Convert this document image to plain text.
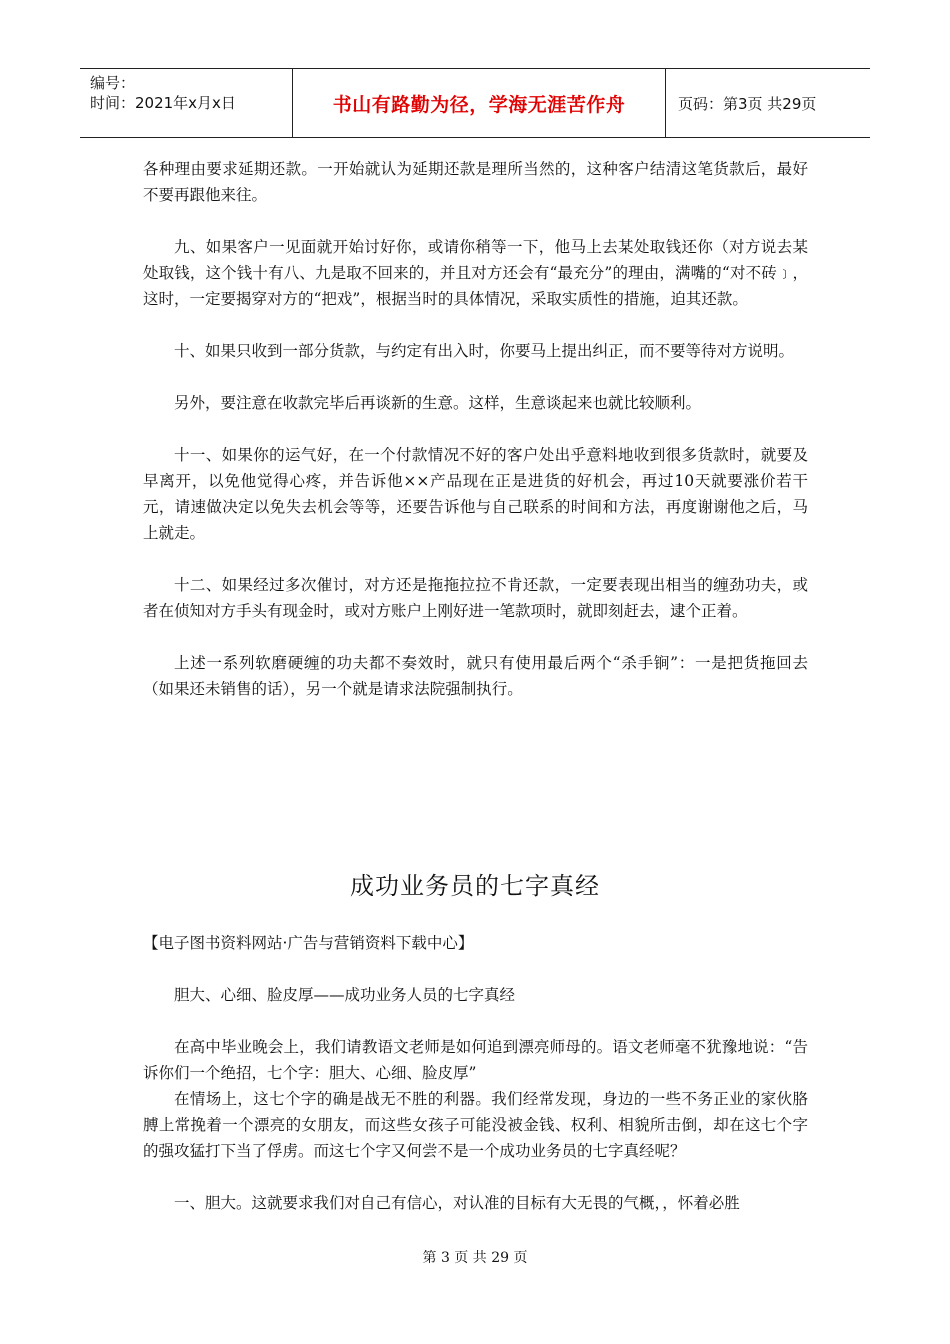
编号：
时间：2021年x月x日	书山有路勤为径，学海无涯苦作舟	页码：第3页 共29页

各种理由要求延期还款。一开始就认为延期还款是理所当然的，这种客户结清这笔货款后，最好不要再跟他来往。

九、如果客户一见面就开始讨好你，或请你稍等一下，他马上去某处取钱还你（对方说去某处取钱，这个钱十有八、九是取不回来的，并且对方还会有“最充分”的理由，满嘴的“对不砖﹞，这时，一定要揭穿对方的“把戏”，根据当时的具体情况，采取实质性的措施，迫其还款。

十、如果只收到一部分货款，与约定有出入时，你要马上提出纠正，而不要等待对方说明。

另外，要注意在收款完毕后再谈新的生意。这样，生意谈起来也就比较顺利。

十一、如果你的运气好，在一个付款情况不好的客户处出乎意料地收到很多货款时，就要及早离开，以免他觉得心疼，并告诉他××产品现在正是进货的好机会，再过10天就要涨价若干元，请速做决定以免失去机会等等，还要告诉他与自己联系的时间和方法，再度谢谢他之后，马上就走。

十二、如果经过多次催讨，对方还是拖拖拉拉不肯还款，一定要表现出相当的缠劲功夫，或者在侦知对方手头有现金时，或对方账户上刚好进一笔款项时，就即刻赶去，逮个正着。

上述一系列软磨硬缠的功夫都不奏效时，就只有使用最后两个“杀手锏”：一是把货拖回去（如果还未销售的话），另一个就是请求法院强制执行。

成功业务员的七字真经

【电子图书资料网站·广告与营销资料下载中心】

胆大、心细、脸皮厚——成功业务人员的七字真经

在高中毕业晚会上，我们请教语文老师是如何追到漂亮师母的。语文老师毫不犹豫地说：“告诉你们一个绝招，七个字：胆大、心细、脸皮厚”

在情场上，这七个字的确是战无不胜的利器。我们经常发现，身边的一些不务正业的家伙胳膊上常挽着一个漂亮的女朋友，而这些女孩子可能没被金钱、权利、相貌所击倒，却在这七个字的强攻猛打下当了俘虏。而这七个字又何尝不是一个成功业务员的七字真经呢？

一、胆大。这就要求我们对自己有信心，对认准的目标有大无畏的气概，，怀着必胜

第 3 页 共 29 页
